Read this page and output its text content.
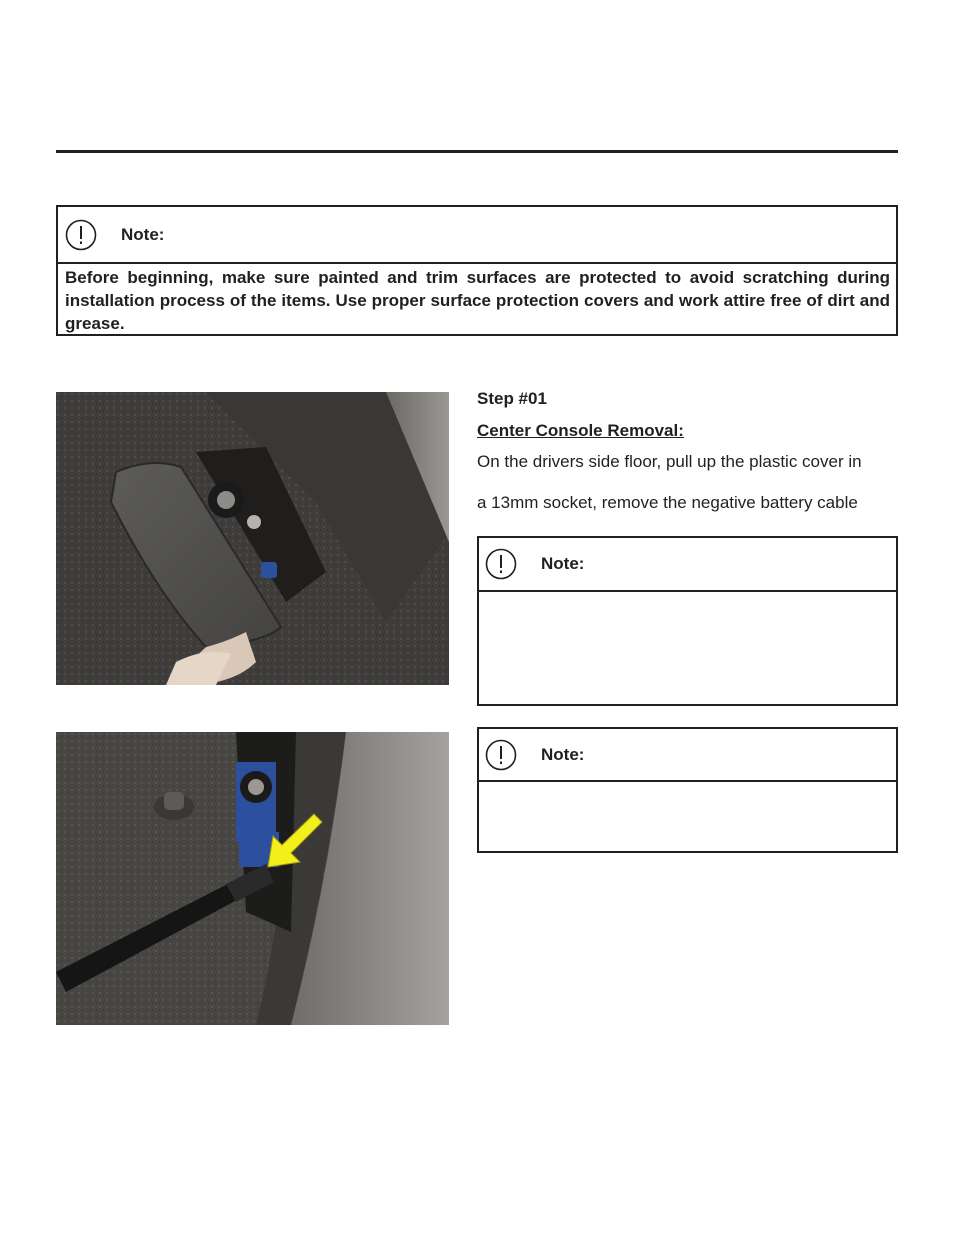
Note:
Before beginning, make sure painted and trim surfaces are protected to avoid scratching during installation process of the items. Use proper surface protection covers and work attire free of dirt and grease.
Step #01
Center Console Removal:
On the drivers side floor, pull up the plastic cover in
a 13mm socket, remove the negative battery cable
Note:
Note:
